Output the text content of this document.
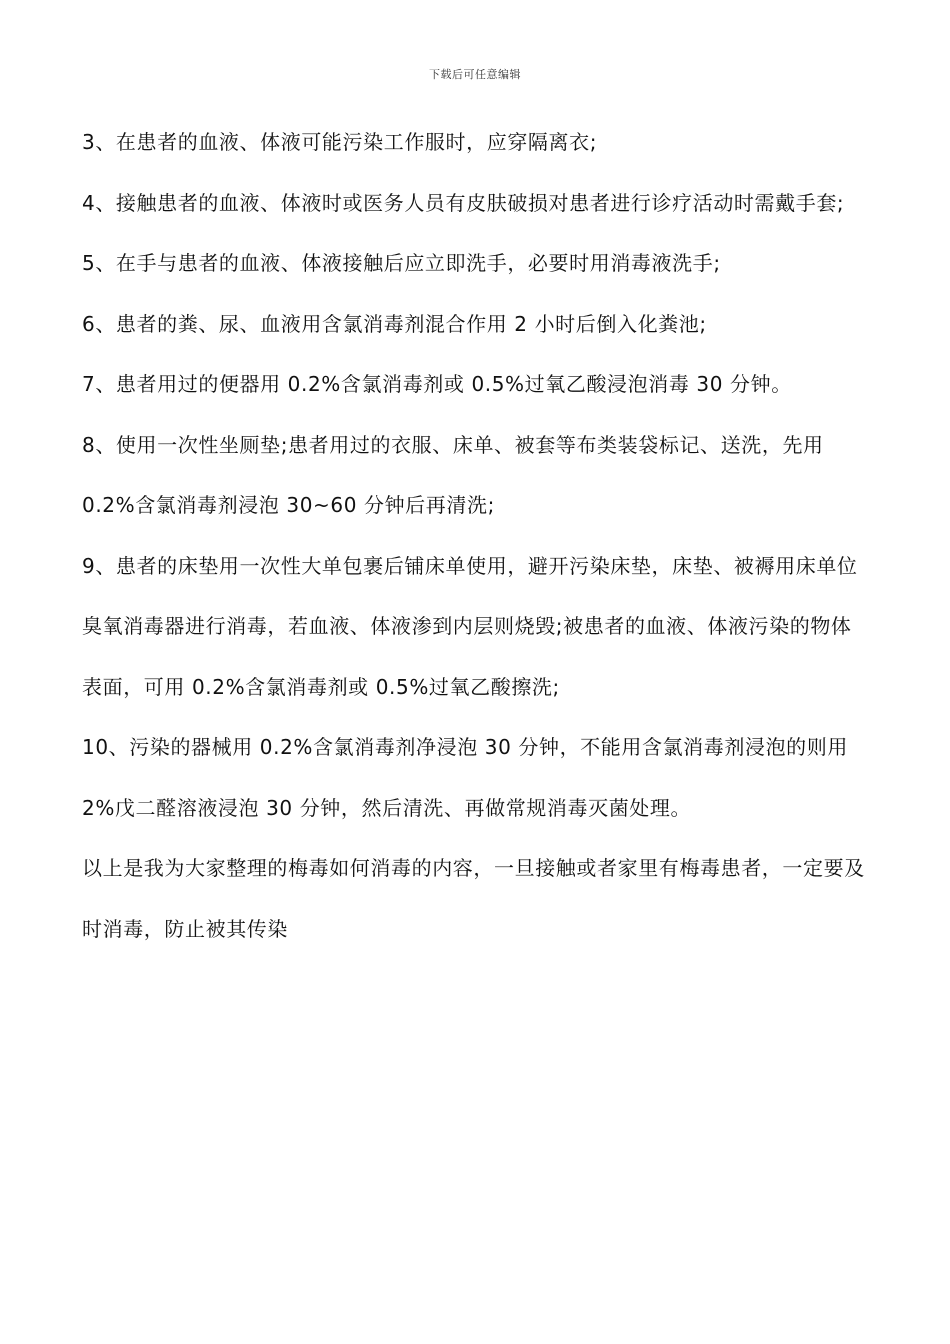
下载后可任意编辑

3、在患者的血液、体液可能污染工作服时，应穿隔离衣;

4、接触患者的血液、体液时或医务人员有皮肤破损对患者进行诊疗活动时需戴手套;

5、在手与患者的血液、体液接触后应立即洗手，必要时用消毒液洗手;

6、患者的粪、尿、血液用含氯消毒剂混合作用 2 小时后倒入化粪池;

7、患者用过的便器用 0.2%含氯消毒剂或 0.5%过氧乙酸浸泡消毒 30 分钟。

8、使用一次性坐厕垫;患者用过的衣服、床单、被套等布类装袋标记、送洗，先用 0.2%含氯消毒剂浸泡 30~60 分钟后再清洗;

9、患者的床垫用一次性大单包裹后铺床单使用，避开污染床垫，床垫、被褥用床单位臭氧消毒器进行消毒，若血液、体液渗到内层则烧毁;被患者的血液、体液污染的物体表面，可用 0.2%含氯消毒剂或 0.5%过氧乙酸擦洗;

10、污染的器械用 0.2%含氯消毒剂净浸泡 30 分钟，不能用含氯消毒剂浸泡的则用 2%戊二醛溶液浸泡 30 分钟，然后清洗、再做常规消毒灭菌处理。

以上是我为大家整理的梅毒如何消毒的内容，一旦接触或者家里有梅毒患者，一定要及时消毒，防止被其传染
